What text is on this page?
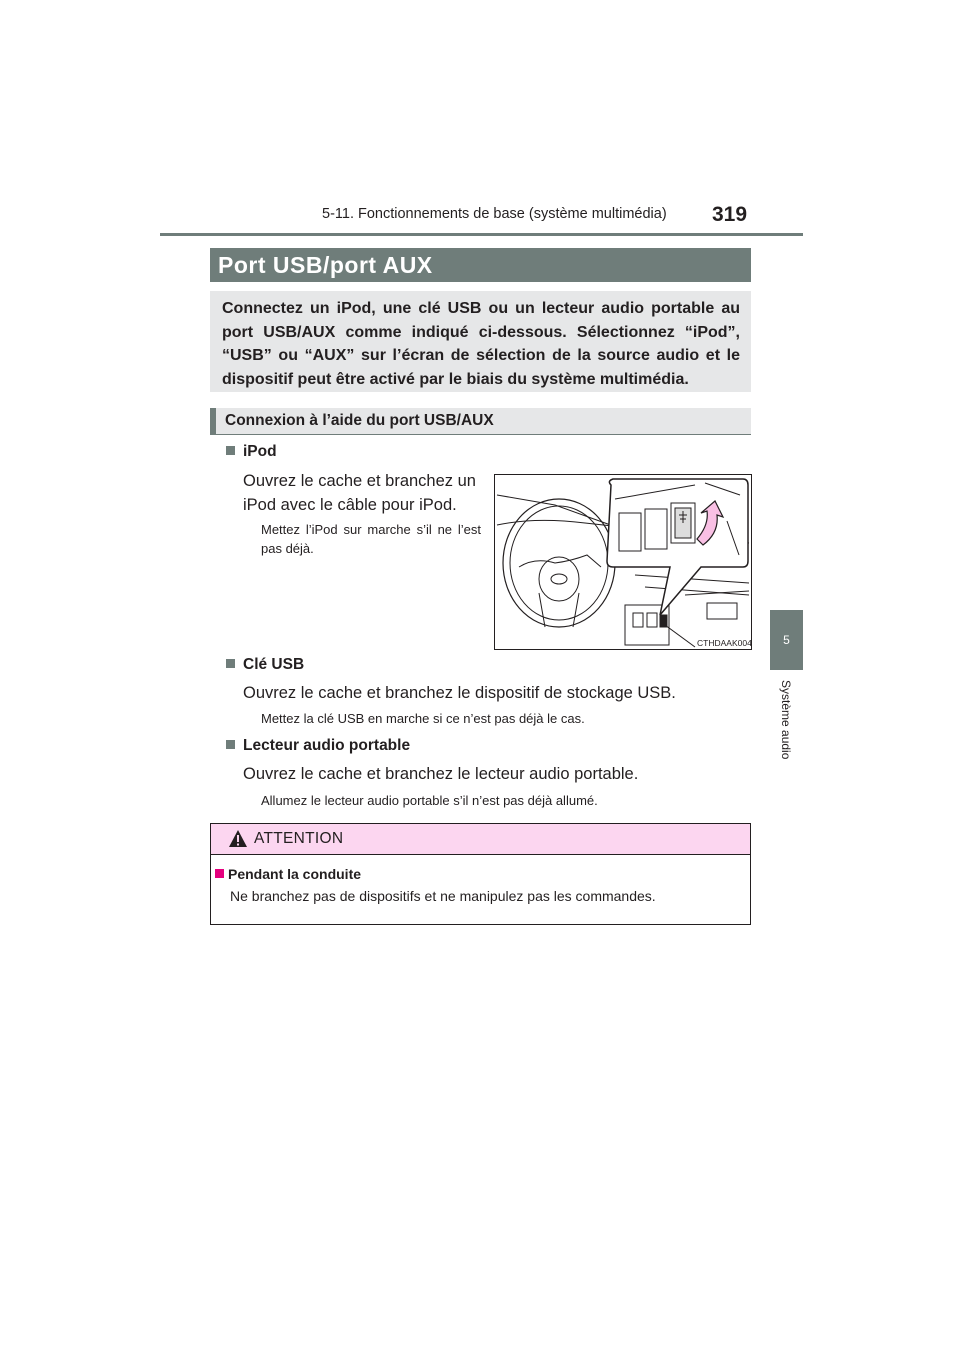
5-11. Fonctionnements de base (système multimédia) 319
5
Système audio
Port USB/port AUX

Connectez un iPod, une clé USB ou un lecteur audio portable au port USB/AUX comme indiqué ci-dessous. Sélectionnez “iPod”, “USB” ou “AUX” sur l’écran de sélection de la source audio et le dispositif peut être activé par le biais du système multimédia.

Connexion à l’aide du port USB/AUX
iPod
Ouvrez le cache et branchez un iPod avec le câble pour iPod.
Mettez l’iPod sur marche s’il ne l’est pas déjà.
CTHDAAK004
Clé USB
Ouvrez le cache et branchez le dispositif de stockage USB.
Mettez la clé USB en marche si ce n’est pas déjà le cas.
Lecteur audio portable
Ouvrez le cache et branchez le lecteur audio portable.
Allumez le lecteur audio portable s’il n’est pas déjà allumé.
ATTENTION
Pendant la conduite
Ne branchez pas de dispositifs et ne manipulez pas les commandes.
